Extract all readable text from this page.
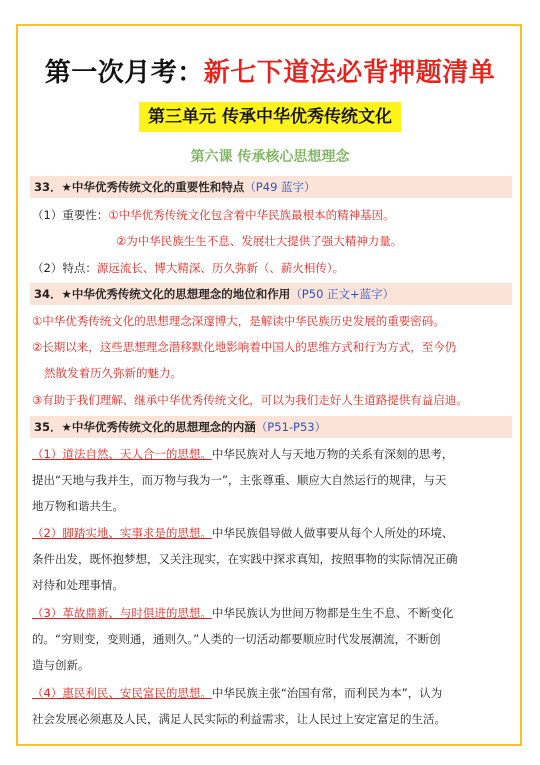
第一次月考：新七下道法必背押题清单
第三单元 传承中华优秀传统文化
第六课 传承核心思想理念
33．★中华优秀传统文化的重要性和特点（P49 蓝字）
（1）重要性：①中华优秀传统文化包含着中华民族最根本的精神基因。
②为中华民族生生不息、发展壮大提供了强大精神力量。
（2）特点：源远流长、博大精深、历久弥新（、薪火相传）。
34．★中华优秀传统文化的思想理念的地位和作用（P50 正文+蓝字）
①中华优秀传统文化的思想理念深邃博大，是解读中华民族历史发展的重要密码。
②长期以来，这些思想理念潜移默化地影响着中国人的思维方式和行为方式，至今仍
然散发着历久弥新的魅力。
③有助于我们理解、继承中华优秀传统文化，可以为我们走好人生道路提供有益启迪。
35．★中华优秀传统文化的思想理念的内涵（P51-P53）
（1）道法自然、天人合一的思想。中华民族对人与天地万物的关系有深刻的思考，
提出“天地与我并生，而万物与我为一”，主张尊重、顺应大自然运行的规律，与天
地万物和谐共生。
（2）脚踏实地、实事求是的思想。中华民族倡导做人做事要从每个人所处的环境、
条件出发，既怀抱梦想，又关注现实，在实践中探求真知，按照事物的实际情况正确
对待和处理事情。
（3）革故鼎新、与时俱进的思想。中华民族认为世间万物都是生生不息、不断变化
的。“穷则变，变则通，通则久。”人类的一切活动都要顺应时代发展潮流，不断创
造与创新。
（4）惠民利民、安民富民的思想。中华民族主张“治国有常，而利民为本”，认为
社会发展必须惠及人民，满足人民实际的利益需求，让人民过上安定富足的生活。
